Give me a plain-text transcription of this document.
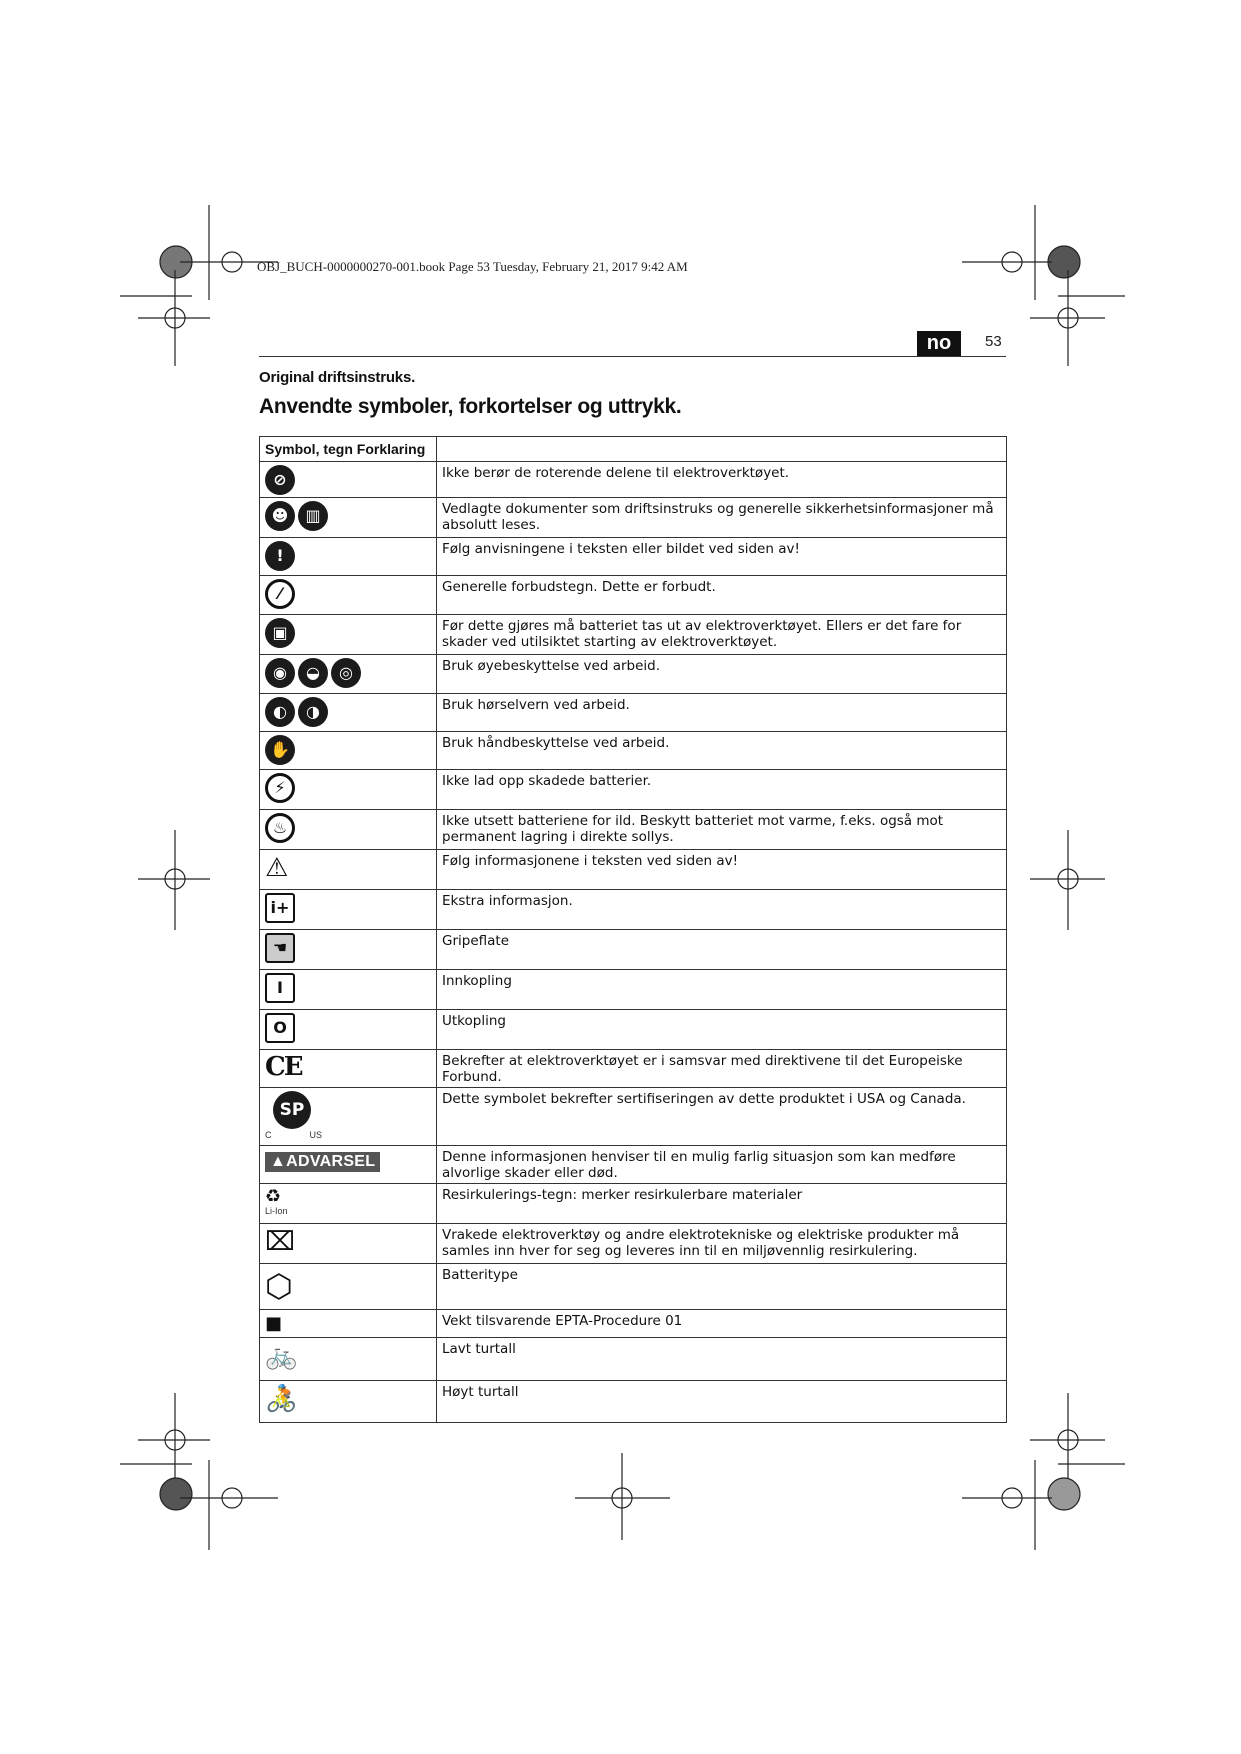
OBJ_BUCH-0000000270-001.book Page 53 Tuesday, February 21, 2017 9:42 AM
no	53
Original driftsinstruks.
Anvendte symboler, forkortelser og uttrykk.
Symbol, tegn Forklaring	
⊘	Ikke berør de roterende delene til elektroverktøyet.
☻ ▥	Vedlagte dokumenter som driftsinstruks og generelle sikkerhetsinformasjoner må absolutt leses.
!	Følg anvisningene i teksten eller bildet ved siden av!
⁄	Generelle forbudstegn. Dette er forbudt.
▣	Før dette gjøres må batteriet tas ut av elektroverktøyet. Ellers er det fare for skader ved utilsiktet starting av elektroverktøyet.
◉ ◒ ◎	Bruk øyebeskyttelse ved arbeid.
◐ ◑	Bruk hørselvern ved arbeid.
✋	Bruk håndbeskyttelse ved arbeid.
⚡	Ikke lad opp skadede batterier.
♨	Ikke utsett batteriene for ild. Beskytt batteriet mot varme, f.eks. også mot permanent lagring i direkte sollys.
⚠	Følg informasjonene i teksten ved siden av!
i+	Ekstra informasjon.
☚	Gripeflate
I	Innkopling
O	Utkopling
CE	Bekrefter at elektroverktøyet er i samsvar med direktivene til det Europeiske Forbund.
SP
C US	Dette symbolet bekrefter sertifiseringen av dette produktet i USA og Canada.
▲ADVARSEL	Denne informasjonen henviser til en mulig farlig situasjon som kan medføre alvorlige skader eller død.

♻
Li-Ion	Resirkulerings-tegn: merker resirkulerbare materialer
⌧	Vrakede elektroverktøy og andre elektrotekniske og elektriske produkter må samles inn hver for seg og leveres inn til en miljøvennlig resirkulering.
⬡	Batteritype
■	Vekt tilsvarende EPTA-Procedure 01
🚲	Lavt turtall
🚴	Høyt turtall
